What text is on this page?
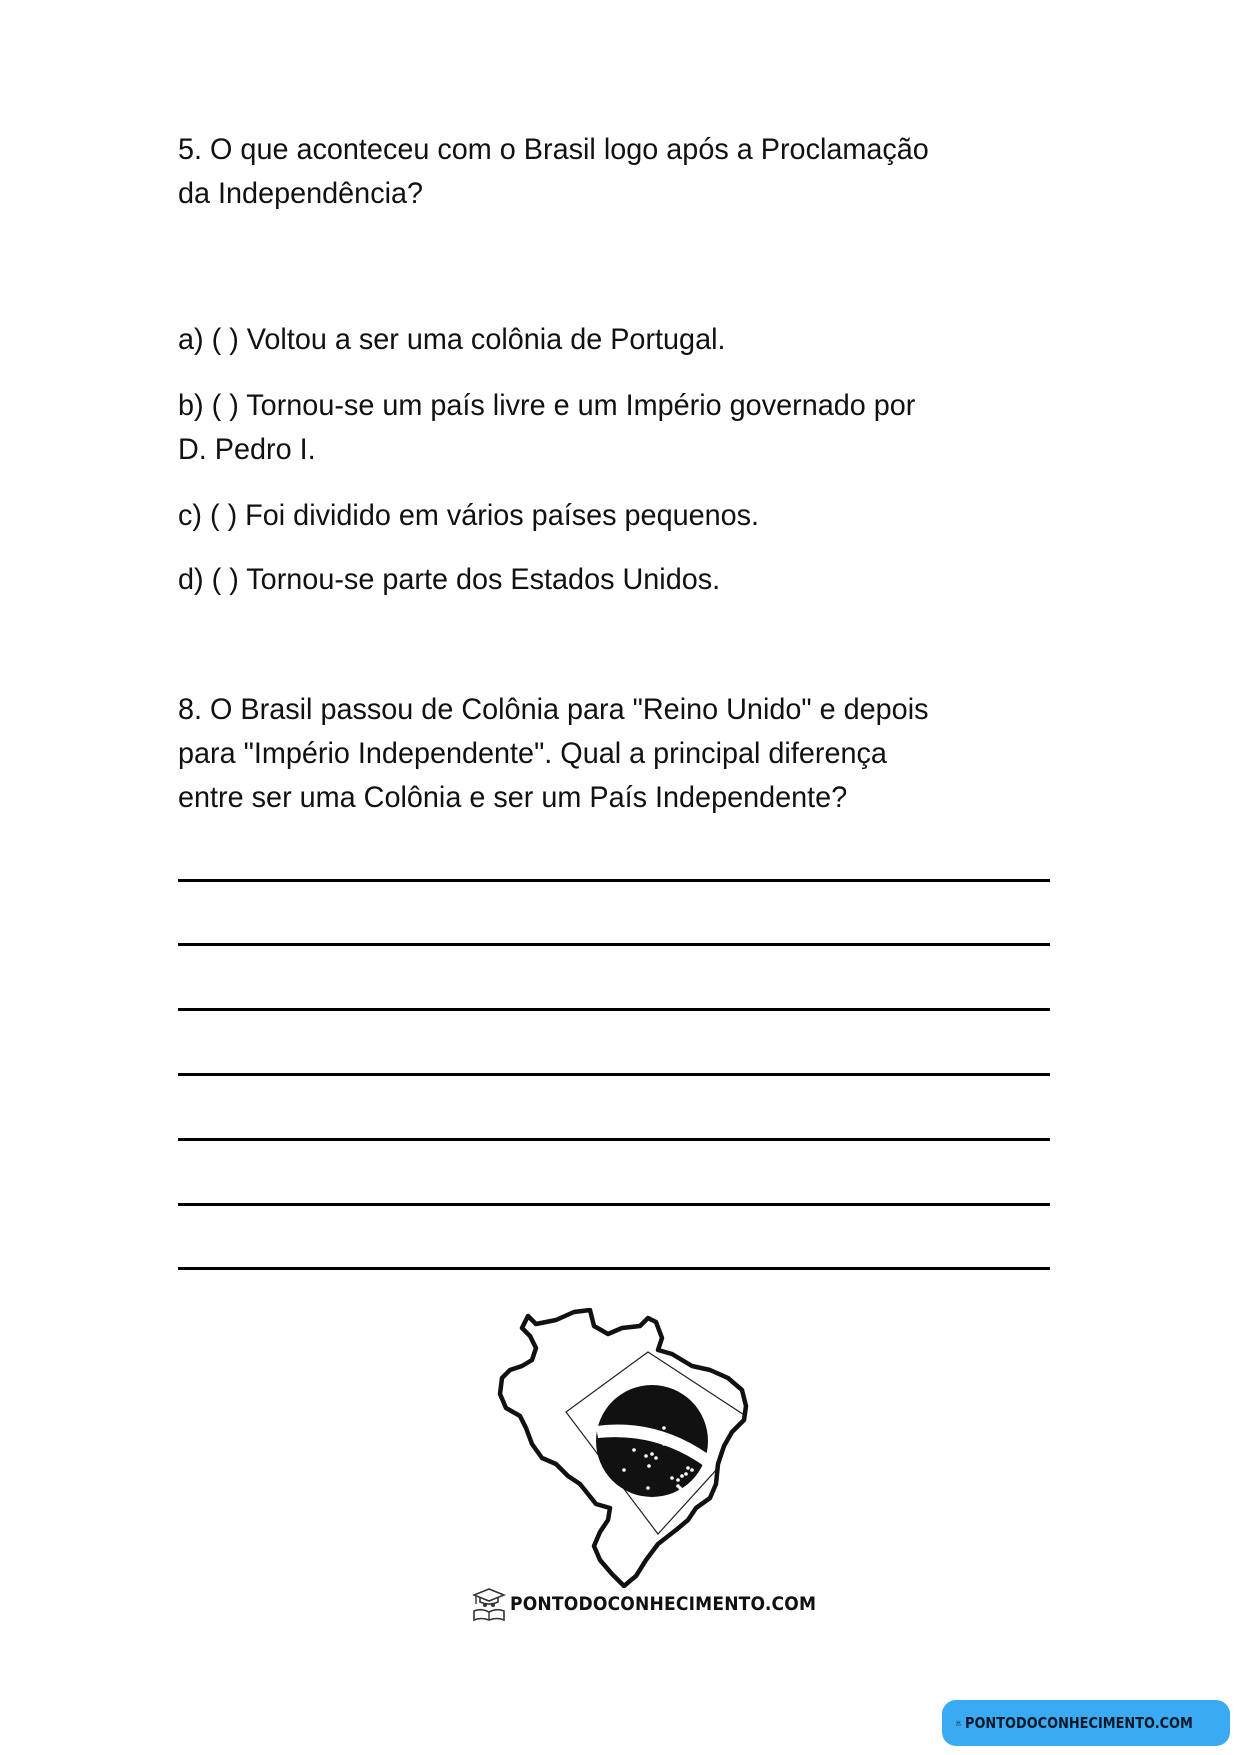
5. O que aconteceu com o Brasil logo após a Proclamação

da Independência?

a) ( ) Voltou a ser uma colônia de Portugal.

b) ( ) Tornou-se um país livre e um Império governado por

D. Pedro I.

c) ( ) Foi dividido em vários países pequenos.

d) ( ) Tornou-se parte dos Estados Unidos.

8. O Brasil passou de Colônia para "Reino Unido" e depois

para "Império Independente". Qual a principal diferença

entre ser uma Colônia e ser um País Independente?

PONTODOCONHECIMENTO.COM
PONTODOCONHECIMENTO.COM
